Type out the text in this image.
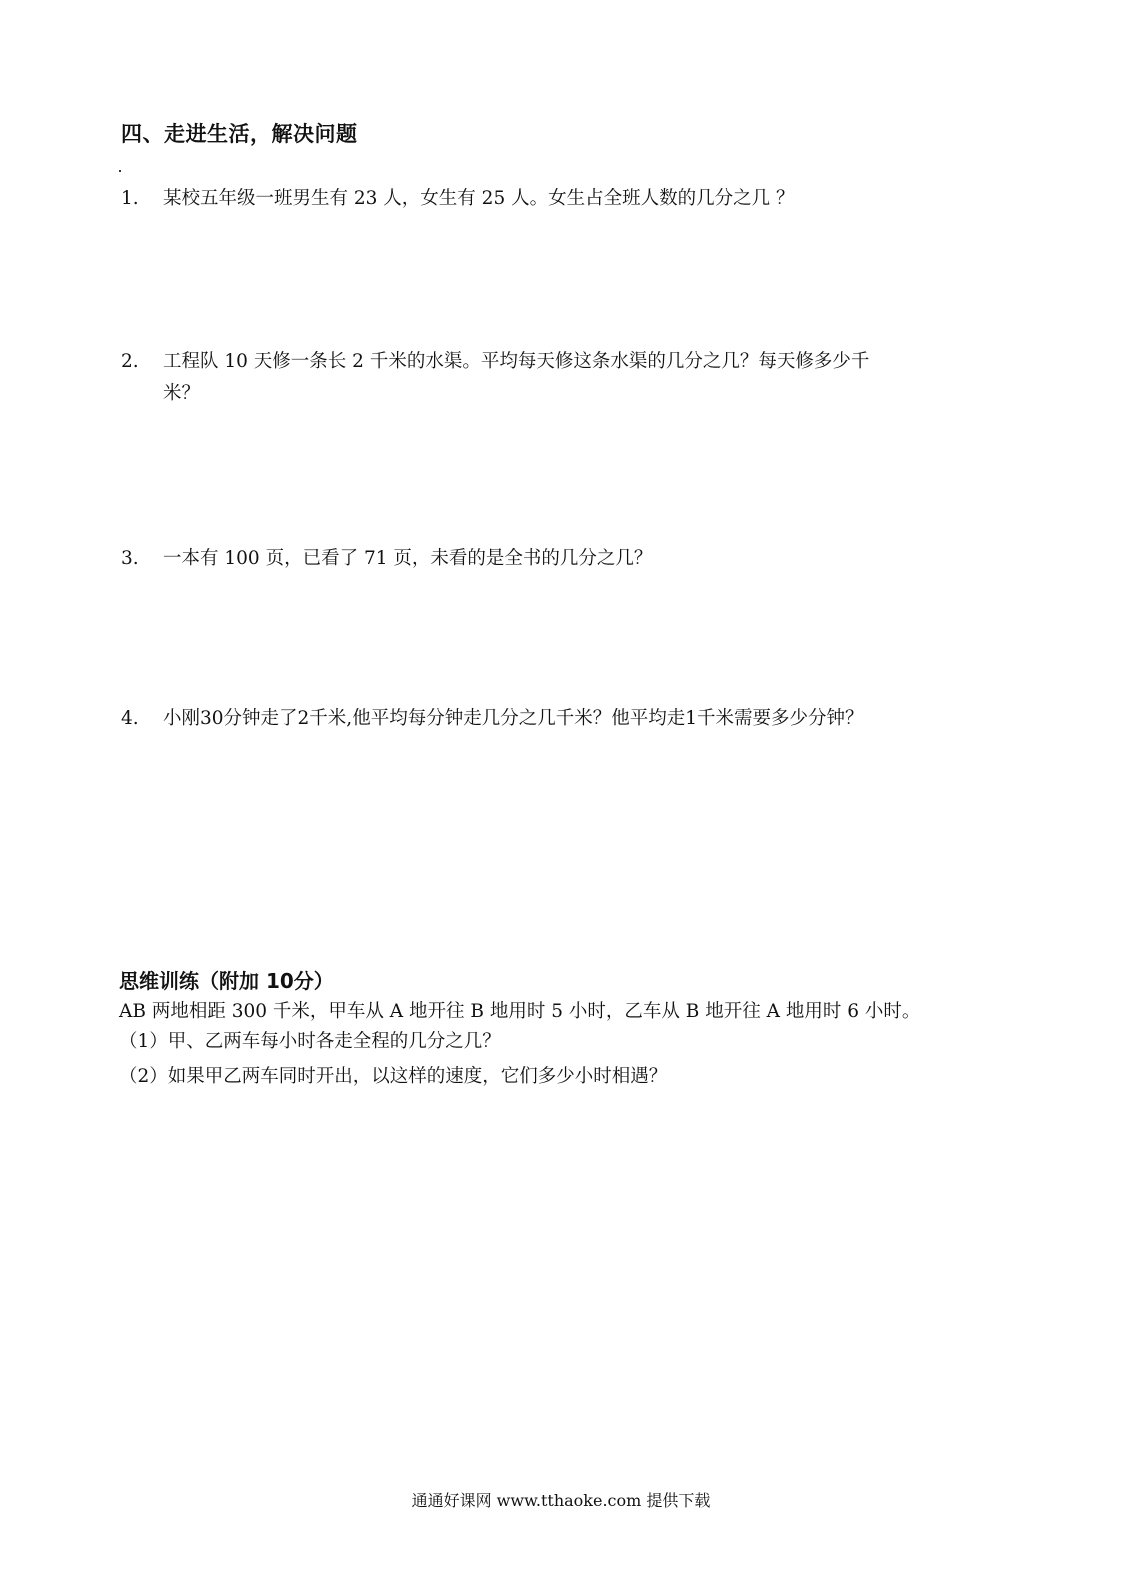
四、走进生活，解决问题
1. 某校五年级一班男生有 23 人，女生有 25 人。女生占全班人数的几分之几 ？
2. 工程队 10 天修一条长 2 千米的水渠。平均每天修这条水渠的几分之几？每天修多少千
米？
3. 一本有 100 页，已看了 71 页，未看的是全书的几分之几？
4. 小刚30分钟走了2千米,他平均每分钟走几分之几千米？他平均走1千米需要多少分钟？
思维训练（附加 10分）
AB 两地相距 300 千米，甲车从 A 地开往 B 地用时 5 小时，乙车从 B 地开往 A 地用时 6 小时。
（1）甲、乙两车每小时各走全程的几分之几？
（2）如果甲乙两车同时开出，以这样的速度，它们多少小时相遇？
通通好课网 www.tthaoke.com 提供下载
